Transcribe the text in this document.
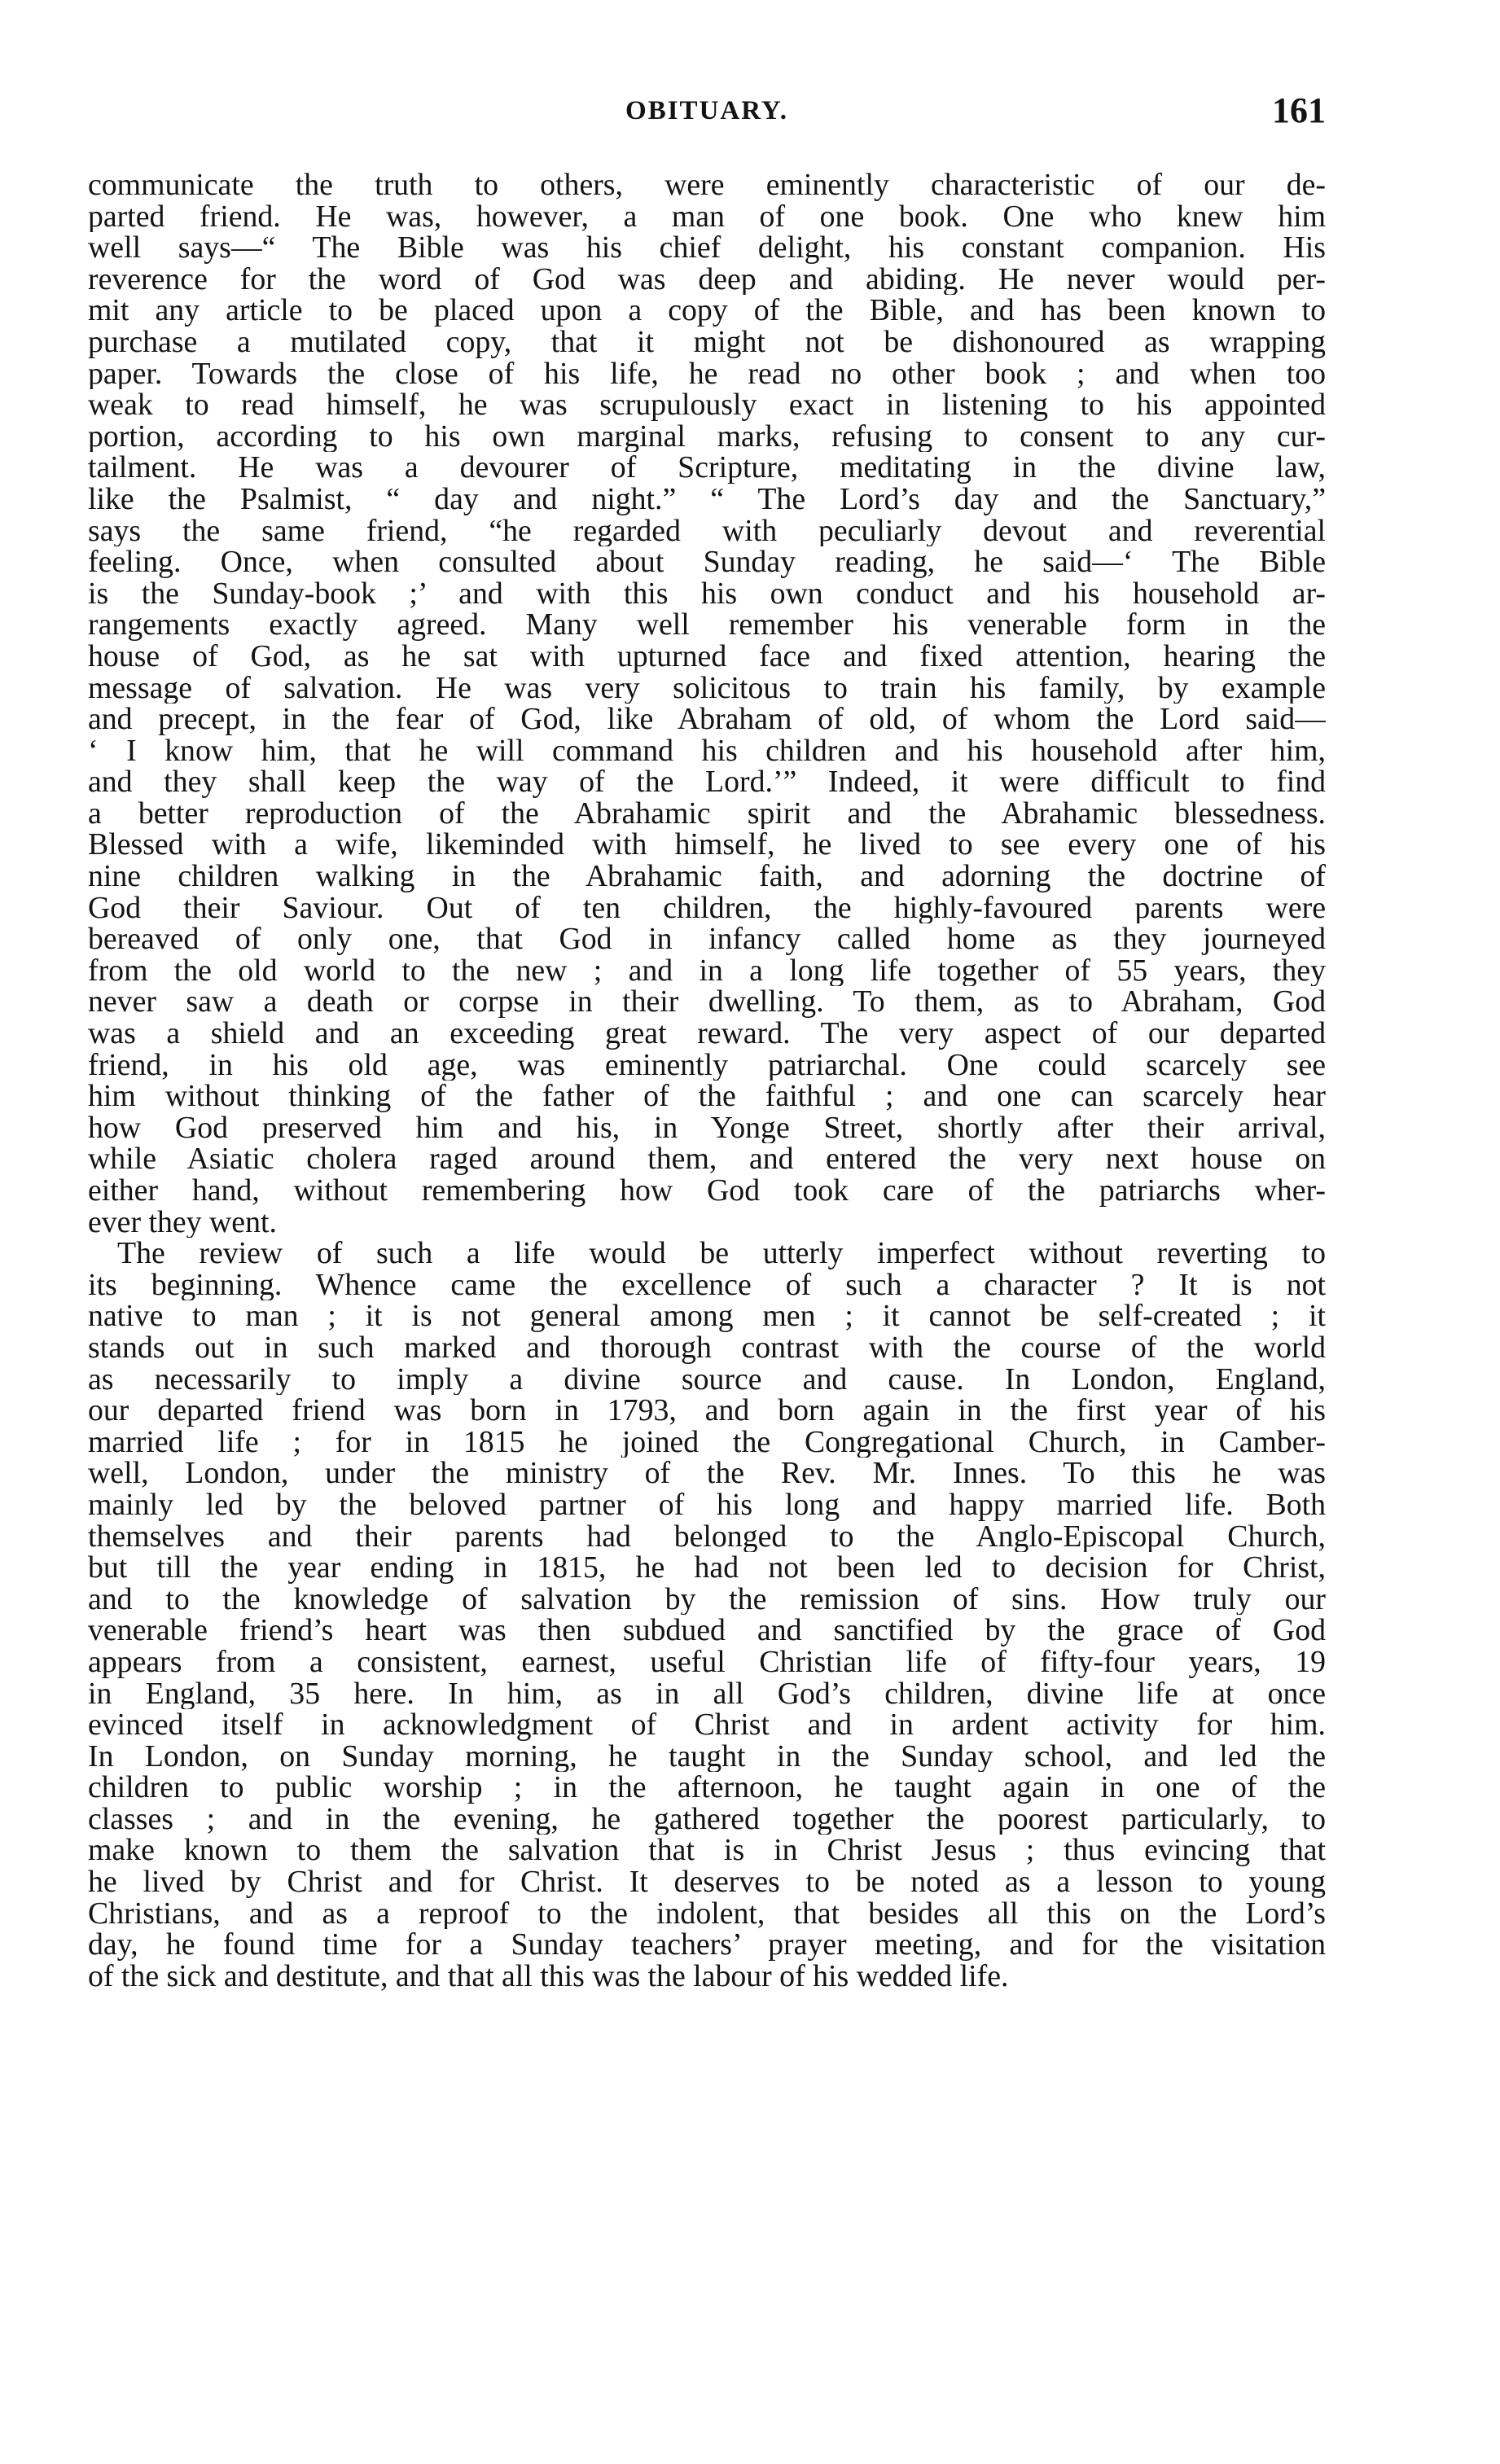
OBITUARY.	161
communicate the truth to others, were eminently characteristic of our de-
parted friend. He was, however, a man of one book. One who knew him
well says—“ The Bible was his chief delight, his constant companion. His
reverence for the word of God was deep and abiding. He never would per-
mit any article to be placed upon a copy of the Bible, and has been known to
purchase a mutilated copy, that it might not be dishonoured as wrapping
paper. Towards the close of his life, he read no other book ; and when too
weak to read himself, he was scrupulously exact in listening to his appointed
portion, according to his own marginal marks, refusing to consent to any cur-
tailment. He was a devourer of Scripture, meditating in the divine law,
like the Psalmist, “ day and night.” “ The Lord’s day and the Sanctuary,”
says the same friend, “he regarded with peculiarly devout and reverential
feeling. Once, when consulted about Sunday reading, he said—‘ The Bible
is the Sunday-book ;’ and with this his own conduct and his household ar-
rangements exactly agreed. Many well remember his venerable form in the
house of God, as he sat with upturned face and fixed attention, hearing the
message of salvation. He was very solicitous to train his family, by example
and precept, in the fear of God, like Abraham of old, of whom the Lord said—
‘ I know him, that he will command his children and his household after him,
and they shall keep the way of the Lord.’” Indeed, it were difficult to find
a better reproduction of the Abrahamic spirit and the Abrahamic blessedness.
Blessed with a wife, likeminded with himself, he lived to see every one of his
nine children walking in the Abrahamic faith, and adorning the doctrine of
God their Saviour. Out of ten children, the highly-favoured parents were
bereaved of only one, that God in infancy called home as they journeyed
from the old world to the new ; and in a long life together of 55 years, they
never saw a death or corpse in their dwelling. To them, as to Abraham, God
was a shield and an exceeding great reward. The very aspect of our departed
friend, in his old age, was eminently patriarchal. One could scarcely see
him without thinking of the father of the faithful ; and one can scarcely hear
how God preserved him and his, in Yonge Street, shortly after their arrival,
while Asiatic cholera raged around them, and entered the very next house on
either hand, without remembering how God took care of the patriarchs wher-
ever they went.
The review of such a life would be utterly imperfect without reverting to
its beginning. Whence came the excellence of such a character ? It is not
native to man ; it is not general among men ; it cannot be self-created ; it
stands out in such marked and thorough contrast with the course of the world
as necessarily to imply a divine source and cause. In London, England,
our departed friend was born in 1793, and born again in the first year of his
married life ; for in 1815 he joined the Congregational Church, in Camber-
well, London, under the ministry of the Rev. Mr. Innes. To this he was
mainly led by the beloved partner of his long and happy married life. Both
themselves and their parents had belonged to the Anglo-Episcopal Church,
but till the year ending in 1815, he had not been led to decision for Christ,
and to the knowledge of salvation by the remission of sins. How truly our
venerable friend’s heart was then subdued and sanctified by the grace of God
appears from a consistent, earnest, useful Christian life of fifty-four years, 19
in England, 35 here. In him, as in all God’s children, divine life at once
evinced itself in acknowledgment of Christ and in ardent activity for him.
In London, on Sunday morning, he taught in the Sunday school, and led the
children to public worship ; in the afternoon, he taught again in one of the
classes ; and in the evening, he gathered together the poorest particularly, to
make known to them the salvation that is in Christ Jesus ; thus evincing that
he lived by Christ and for Christ. It deserves to be noted as a lesson to young
Christians, and as a reproof to the indolent, that besides all this on the Lord’s
day, he found time for a Sunday teachers’ prayer meeting, and for the visitation
of the sick and destitute, and that all this was the labour of his wedded life.
